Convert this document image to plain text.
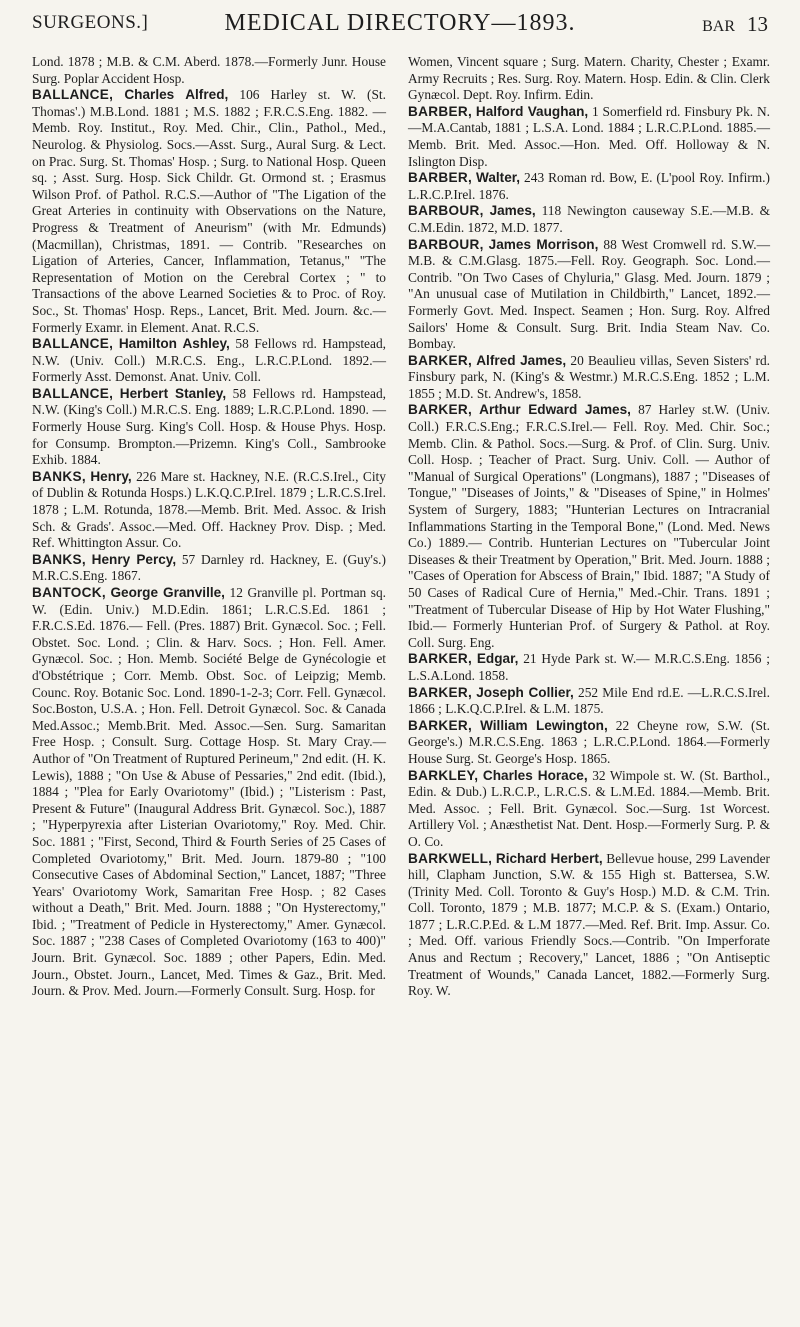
SURGEONS.]	MEDICAL DIRECTORY—1893.	BAR 13

Lond. 1878 ; M.B. & C.M. Aberd. 1878.—Formerly Junr. House Surg. Poplar Accident Hosp.

BALLANCE, Charles Alfred, 106 Harley st. W. (St. Thomas'.) M.B.Lond. 1881 ; M.S. 1882 ; F.R.C.S.Eng. 1882. — Memb. Roy. Institut., Roy. Med. Chir., Clin., Pathol., Med., Neurolog. & Physiolog. Socs.—Asst. Surg., Aural Surg. & Lect. on Prac. Surg. St. Thomas' Hosp. ; Surg. to National Hosp. Queen sq. ; Asst. Surg. Hosp. Sick Childr. Gt. Ormond st. ; Erasmus Wilson Prof. of Pathol. R.C.S.—Author of "The Ligation of the Great Arteries in continuity with Observations on the Nature, Progress & Treatment of Aneurism" (with Mr. Edmunds) (Macmillan), Christmas, 1891. — Contrib. "Researches on Ligation of Arteries, Cancer, Inflammation, Tetanus," "The Representation of Motion on the Cerebral Cortex ; " to Transactions of the above Learned Societies & to Proc. of Roy. Soc., St. Thomas' Hosp. Reps., Lancet, Brit. Med. Journ. &c.—Formerly Examr. in Element. Anat. R.C.S.

BALLANCE, Hamilton Ashley, 58 Fellows rd. Hampstead, N.W. (Univ. Coll.) M.R.C.S. Eng., L.R.C.P.Lond. 1892.—Formerly Asst. Demonst. Anat. Univ. Coll.

BALLANCE, Herbert Stanley, 58 Fellows rd. Hampstead, N.W. (King's Coll.) M.R.C.S. Eng. 1889; L.R.C.P.Lond. 1890. — Formerly House Surg. King's Coll. Hosp. & House Phys. Hosp. for Consump. Brompton.—Prizemn. King's Coll., Sambrooke Exhib. 1884.

BANKS, Henry, 226 Mare st. Hackney, N.E. (R.C.S.Irel., City of Dublin & Rotunda Hosps.) L.K.Q.C.P.Irel. 1879 ; L.R.C.S.Irel. 1878 ; L.M. Rotunda, 1878.—Memb. Brit. Med. Assoc. & Irish Sch. & Grads'. Assoc.—Med. Off. Hackney Prov. Disp. ; Med. Ref. Whittington Assur. Co.

BANKS, Henry Percy, 57 Darnley rd. Hackney, E. (Guy's.) M.R.C.S.Eng. 1867.

BANTOCK, George Granville, 12 Granville pl. Portman sq. W. (Edin. Univ.) M.D.Edin. 1861; L.R.C.S.Ed. 1861 ; F.R.C.S.Ed. 1876.— Fell. (Pres. 1887) Brit. Gynæcol. Soc. ; Fell. Obstet. Soc. Lond. ; Clin. & Harv. Socs. ; Hon. Fell. Amer. Gynæcol. Soc. ; Hon. Memb. Société Belge de Gynécologie et d'Obstétrique ; Corr. Memb. Obst. Soc. of Leipzig; Memb. Counc. Roy. Botanic Soc. Lond. 1890-1-2-3; Corr. Fell. Gynæcol. Soc.Boston, U.S.A. ; Hon. Fell. Detroit Gynæcol. Soc. & Canada Med.Assoc.; Memb.Brit. Med. Assoc.—Sen. Surg. Samaritan Free Hosp. ; Consult. Surg. Cottage Hosp. St. Mary Cray.— Author of "On Treatment of Ruptured Perineum," 2nd edit. (H. K. Lewis), 1888 ; "On Use & Abuse of Pessaries," 2nd edit. (Ibid.), 1884 ; "Plea for Early Ovariotomy" (Ibid.) ; "Listerism : Past, Present & Future" (Inaugural Address Brit. Gynæcol. Soc.), 1887 ; "Hyperpyrexia after Listerian Ovariotomy," Roy. Med. Chir. Soc. 1881 ; "First, Second, Third & Fourth Series of 25 Cases of Completed Ovariotomy," Brit. Med. Journ. 1879-80 ; "100 Consecutive Cases of Abdominal Section," Lancet, 1887; "Three Years' Ovariotomy Work, Samaritan Free Hosp. ; 82 Cases without a Death," Brit. Med. Journ. 1888 ; "On Hysterectomy," Ibid. ; "Treatment of Pedicle in Hysterectomy," Amer. Gynæcol. Soc. 1887 ; "238 Cases of Completed Ovariotomy (163 to 400)" Journ. Brit. Gynæcol. Soc. 1889 ; other Papers, Edin. Med. Journ., Obstet. Journ., Lancet, Med. Times & Gaz., Brit. Med. Journ. & Prov. Med. Journ.—Formerly Consult. Surg. Hosp. for

Women, Vincent square ; Surg. Matern. Charity, Chester ; Examr. Army Recruits ; Res. Surg. Roy. Matern. Hosp. Edin. & Clin. Clerk Gynæcol. Dept. Roy. Infirm. Edin.

BARBER, Halford Vaughan, 1 Somerfield rd. Finsbury Pk. N.—M.A.Cantab, 1881 ; L.S.A. Lond. 1884 ; L.R.C.P.Lond. 1885.—Memb. Brit. Med. Assoc.—Hon. Med. Off. Holloway & N. Islington Disp.

BARBER, Walter, 243 Roman rd. Bow, E. (L'pool Roy. Infirm.) L.R.C.P.Irel. 1876.

BARBOUR, James, 118 Newington causeway S.E.—M.B. & C.M.Edin. 1872, M.D. 1877.

BARBOUR, James Morrison, 88 West Cromwell rd. S.W.—M.B. & C.M.Glasg. 1875.—Fell. Roy. Geograph. Soc. Lond.—Contrib. "On Two Cases of Chyluria," Glasg. Med. Journ. 1879 ; "An unusual case of Mutilation in Childbirth," Lancet, 1892.—Formerly Govt. Med. Inspect. Seamen ; Hon. Surg. Roy. Alfred Sailors' Home & Consult. Surg. Brit. India Steam Nav. Co. Bombay.

BARKER, Alfred James, 20 Beaulieu villas, Seven Sisters' rd. Finsbury park, N. (King's & Westmr.) M.R.C.S.Eng. 1852 ; L.M. 1855 ; M.D. St. Andrew's, 1858.

BARKER, Arthur Edward James, 87 Harley st.W. (Univ. Coll.) F.R.C.S.Eng.; F.R.C.S.Irel.— Fell. Roy. Med. Chir. Soc.; Memb. Clin. & Pathol. Socs.—Surg. & Prof. of Clin. Surg. Univ. Coll. Hosp. ; Teacher of Pract. Surg. Univ. Coll. — Author of "Manual of Surgical Operations" (Longmans), 1887 ; "Diseases of Tongue," "Diseases of Joints," & "Diseases of Spine," in Holmes' System of Surgery, 1883; "Hunterian Lectures on Intracranial Inflammations Starting in the Temporal Bone," (Lond. Med. News Co.) 1889.— Contrib. Hunterian Lectures on "Tubercular Joint Diseases & their Treatment by Operation," Brit. Med. Journ. 1888 ; "Cases of Operation for Abscess of Brain," Ibid. 1887; "A Study of 50 Cases of Radical Cure of Hernia," Med.-Chir. Trans. 1891 ; "Treatment of Tubercular Disease of Hip by Hot Water Flushing," Ibid.— Formerly Hunterian Prof. of Surgery & Pathol. at Roy. Coll. Surg. Eng.

BARKER, Edgar, 21 Hyde Park st. W.— M.R.C.S.Eng. 1856 ; L.S.A.Lond. 1858.

BARKER, Joseph Collier, 252 Mile End rd.E. —L.R.C.S.Irel. 1866 ; L.K.Q.C.P.Irel. & L.M. 1875.

BARKER, William Lewington, 22 Cheyne row, S.W. (St. George's.) M.R.C.S.Eng. 1863 ; L.R.C.P.Lond. 1864.—Formerly House Surg. St. George's Hosp. 1865.

BARKLEY, Charles Horace, 32 Wimpole st. W. (St. Barthol., Edin. & Dub.) L.R.C.P., L.R.C.S. & L.M.Ed. 1884.—Memb. Brit. Med. Assoc. ; Fell. Brit. Gynæcol. Soc.—Surg. 1st Worcest. Artillery Vol. ; Anæsthetist Nat. Dent. Hosp.—Formerly Surg. P. & O. Co.

BARKWELL, Richard Herbert, Bellevue house, 299 Lavender hill, Clapham Junction, S.W. & 155 High st. Battersea, S.W. (Trinity Med. Coll. Toronto & Guy's Hosp.) M.D. & C.M. Trin. Coll. Toronto, 1879 ; M.B. 1877; M.C.P. & S. (Exam.) Ontario, 1877 ; L.R.C.P.Ed. & L.M 1877.—Med. Ref. Brit. Imp. Assur. Co. ; Med. Off. various Friendly Socs.—Contrib. "On Imperforate Anus and Rectum ; Recovery," Lancet, 1886 ; "On Antiseptic Treatment of Wounds," Canada Lancet, 1882.—Formerly Surg. Roy. W.
